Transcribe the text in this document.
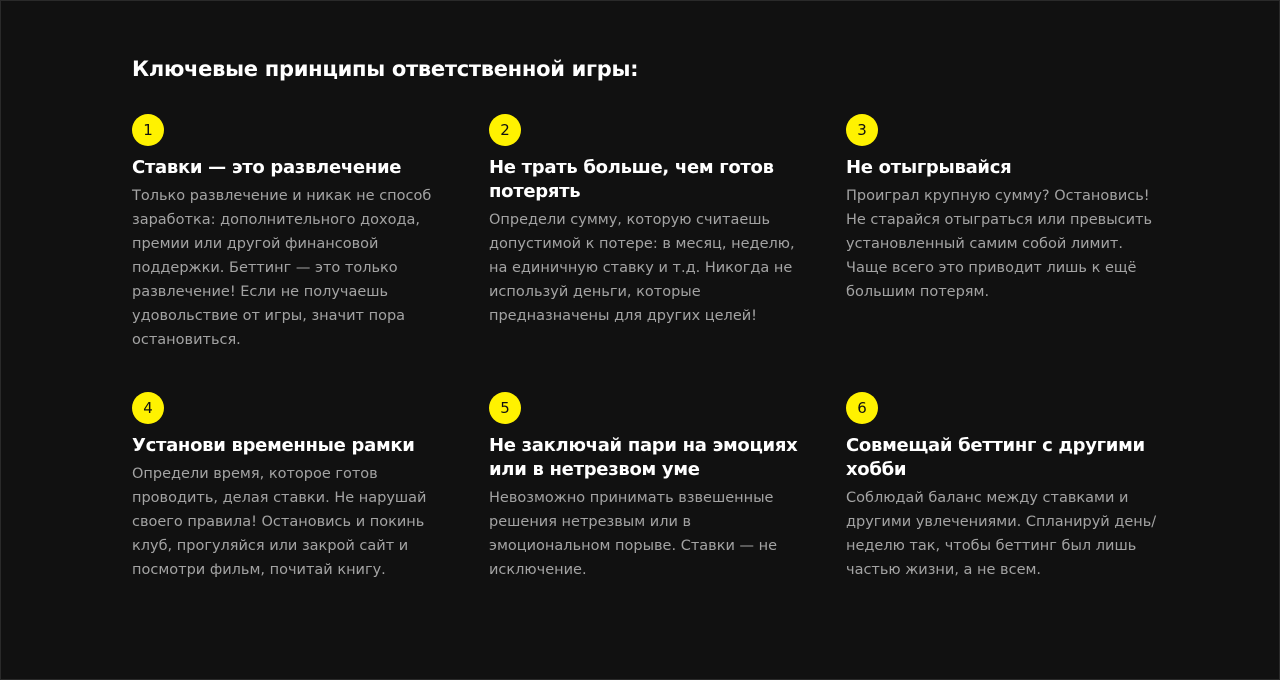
Ключевые принципы ответственной игры:
1
Ставки — это развлечение

Только развлечение и никак не способ заработка: дополнительного дохода, премии или другой финансовой поддержки. Беттинг — это только развлечение! Если не получаешь удовольствие от игры, значит пора остановиться.

2
Не трать больше, чем готов потерять

Определи сумму, которую считаешь допустимой к потере: в месяц, неделю, на единичную ставку и т.д. Никогда не используй деньги, которые предназначены для других целей!

3
Не отыгрывайся

Проиграл крупную сумму? Остановись! Не старайся отыграться или превысить установленный самим собой лимит. Чаще всего это приводит лишь к ещё большим потерям.

4
Установи временные рамки

Определи время, которое готов проводить, делая ставки. Не нарушай своего правила! Остановись и покинь клуб, прогуляйся или закрой сайт и посмотри фильм, почитай книгу.

5
Не заключай пари на эмоциях или в нетрезвом уме

Невозможно принимать взвешенные решения нетрезвым или в эмоциональном порыве. Ставки — не исключение.

6
Совмещай беттинг с другими хобби

Соблюдай баланс между ставками и другими увлечениями. Спланируй день/неделю так, чтобы беттинг был лишь частью жизни, а не всем.
